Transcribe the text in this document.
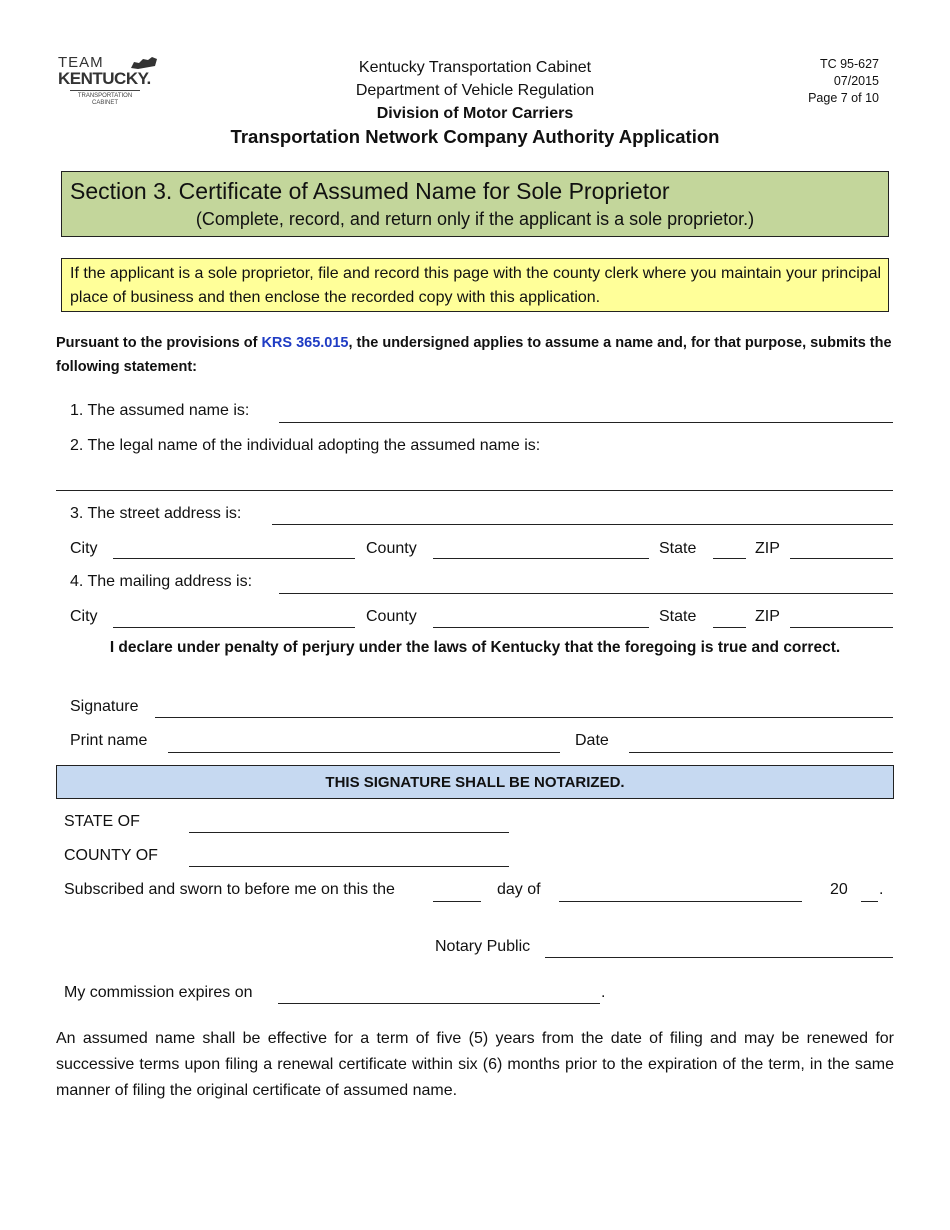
TEAM
KENTUCKY.
TRANSPORTATION
CABINET
Kentucky Transportation Cabinet
Department of Vehicle Regulation
Division of Motor Carriers
Transportation Network Company Authority Application
TC 95-627
07/2015
Page 7 of 10
Section 3. Certificate of Assumed Name for Sole Proprietor
(Complete, record, and return only if the applicant is a sole proprietor.)
If the applicant is a sole proprietor, file and record this page with the county clerk where you maintain your principal place of business and then enclose the recorded copy with this application.
Pursuant to the provisions of KRS 365.015, the undersigned applies to assume a name and, for that purpose, submits the following statement:
1. The assumed name is:
2. The legal name of the individual adopting the assumed name is:
3. The street address is:
City	County	State	ZIP
4. The mailing address is:
City	County	State	ZIP
I declare under penalty of perjury under the laws of Kentucky that the foregoing is true and correct.
Signature
Print name	Date
THIS SIGNATURE SHALL BE NOTARIZED.
STATE OF
COUNTY OF
Subscribed and sworn to before me on this the	day of	20 .
Notary Public
My commission expires on	.
An assumed name shall be effective for a term of five (5) years from the date of filing and may be renewed for successive terms upon filing a renewal certificate within six (6) months prior to the expiration of the term, in the same manner of filing the original certificate of assumed name.
